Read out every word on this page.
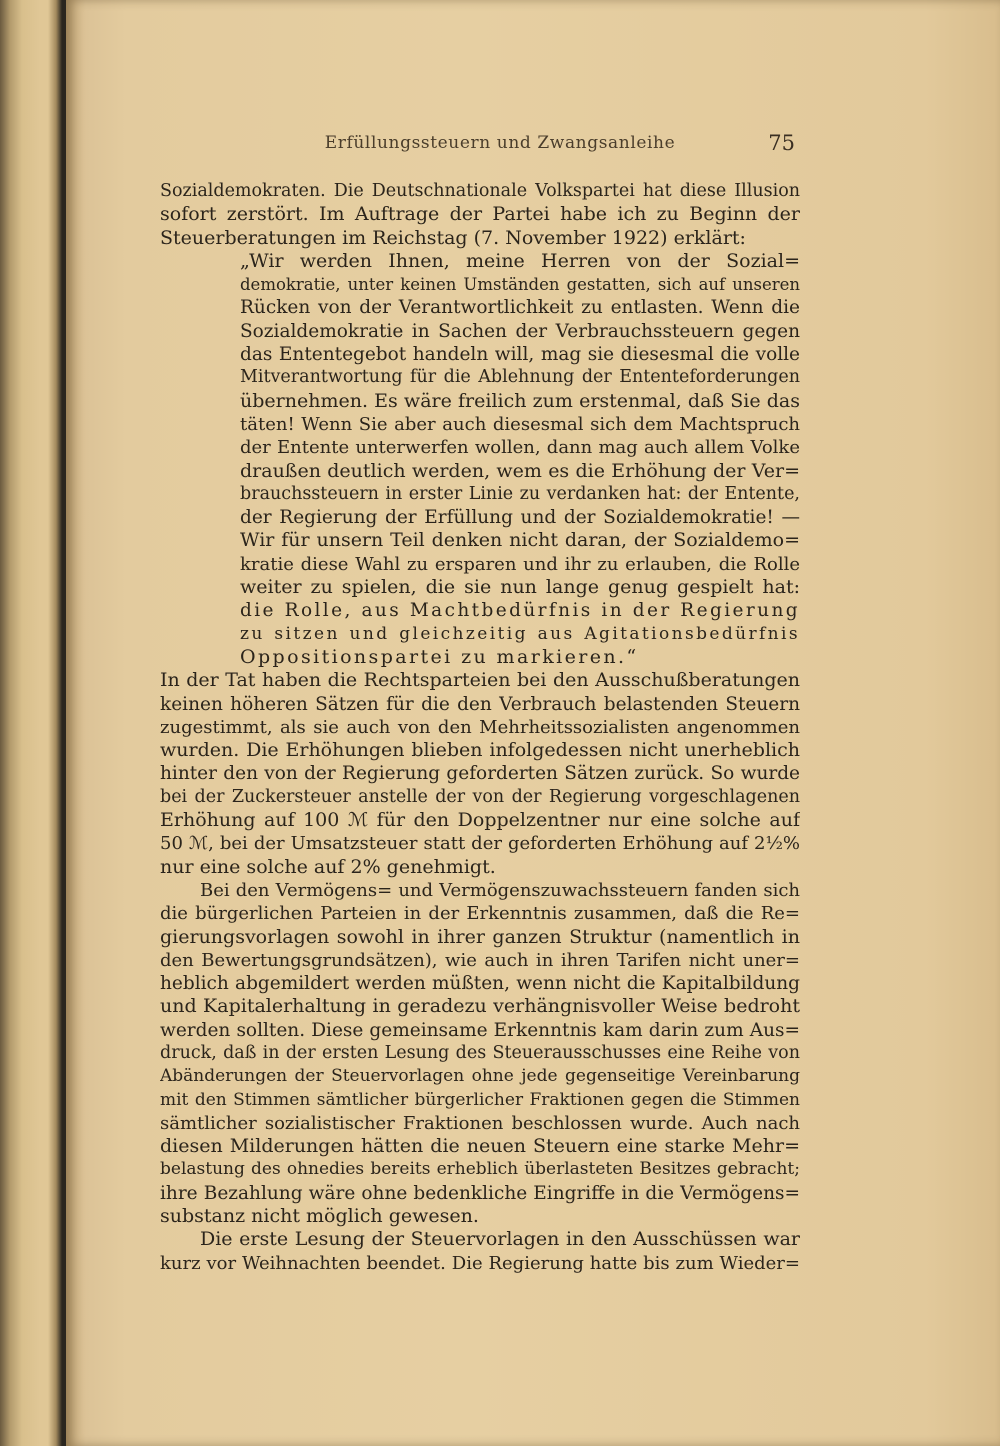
Erfüllungssteuern und Zwangsanleihe	75
Sozialdemokraten. Die Deutschnationale Volkspartei hat diese Illusion
sofort zerstört. Im Auftrage der Partei habe ich zu Beginn der
Steuerberatungen im Reichstag (7. November 1922) erklärt:
„Wir werden Ihnen, meine Herren von der Sozial=
demokratie, unter keinen Umständen gestatten, sich auf unseren
Rücken von der Verantwortlichkeit zu entlasten. Wenn die
Sozialdemokratie in Sachen der Verbrauchssteuern gegen
das Ententegebot handeln will, mag sie diesesmal die volle
Mitverantwortung für die Ablehnung der Ententeforderungen
übernehmen. Es wäre freilich zum erstenmal, daß Sie das
täten! Wenn Sie aber auch diesesmal sich dem Machtspruch
der Entente unterwerfen wollen, dann mag auch allem Volke
draußen deutlich werden, wem es die Erhöhung der Ver=
brauchssteuern in erster Linie zu verdanken hat: der Entente,
der Regierung der Erfüllung und der Sozialdemokratie! —
Wir für unsern Teil denken nicht daran, der Sozialdemo=
kratie diese Wahl zu ersparen und ihr zu erlauben, die Rolle
weiter zu spielen, die sie nun lange genug gespielt hat:
die Rolle, aus Machtbedürfnis in der Regierung
zu sitzen und gleichzeitig aus Agitationsbedürfnis
Oppositionspartei zu markieren.“
In der Tat haben die Rechtsparteien bei den Ausschußberatungen
keinen höheren Sätzen für die den Verbrauch belastenden Steuern
zugestimmt, als sie auch von den Mehrheitssozialisten angenommen
wurden. Die Erhöhungen blieben infolgedessen nicht unerheblich
hinter den von der Regierung geforderten Sätzen zurück. So wurde
bei der Zuckersteuer anstelle der von der Regierung vorgeschlagenen
Erhöhung auf 100 ℳ für den Doppelzentner nur eine solche auf
50 ℳ, bei der Umsatzsteuer statt der geforderten Erhöhung auf 2½%
nur eine solche auf 2% genehmigt.
Bei den Vermögens= und Vermögenszuwachssteuern fanden sich
die bürgerlichen Parteien in der Erkenntnis zusammen, daß die Re=
gierungsvorlagen sowohl in ihrer ganzen Struktur (namentlich in
den Bewertungsgrundsätzen), wie auch in ihren Tarifen nicht uner=
heblich abgemildert werden müßten, wenn nicht die Kapitalbildung
und Kapitalerhaltung in geradezu verhängnisvoller Weise bedroht
werden sollten. Diese gemeinsame Erkenntnis kam darin zum Aus=
druck, daß in der ersten Lesung des Steuerausschusses eine Reihe von
Abänderungen der Steuervorlagen ohne jede gegenseitige Vereinbarung
mit den Stimmen sämtlicher bürgerlicher Fraktionen gegen die Stimmen
sämtlicher sozialistischer Fraktionen beschlossen wurde. Auch nach
diesen Milderungen hätten die neuen Steuern eine starke Mehr=
belastung des ohnedies bereits erheblich überlasteten Besitzes gebracht;
ihre Bezahlung wäre ohne bedenkliche Eingriffe in die Vermögens=
substanz nicht möglich gewesen.
Die erste Lesung der Steuervorlagen in den Ausschüssen war
kurz vor Weihnachten beendet. Die Regierung hatte bis zum Wieder=
